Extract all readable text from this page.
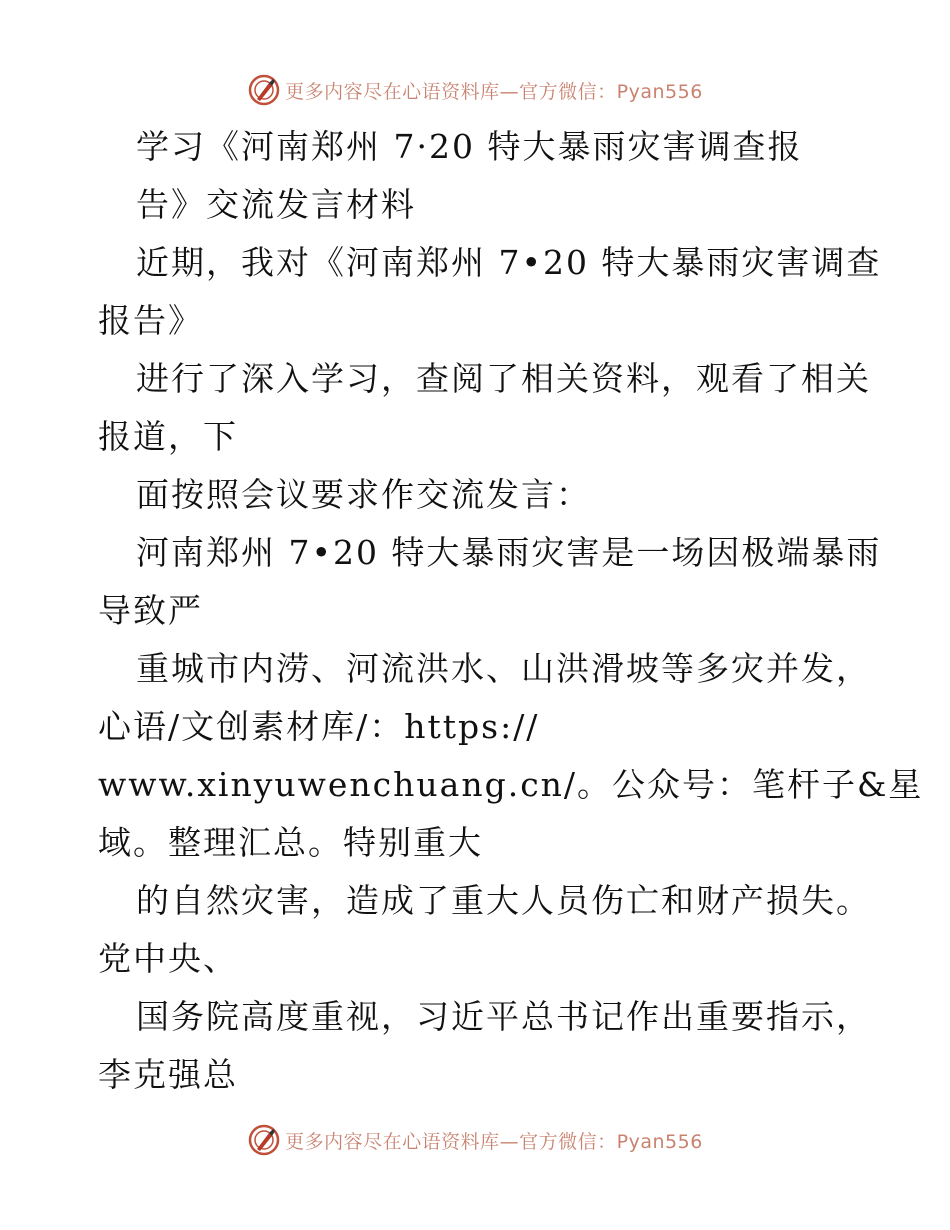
更多内容尽在心语资料库—官方微信：Pyan556
学习《河南郑州 7·20 特大暴雨灾害调查报
告》交流发言材料
近期，我对《河南郑州 7•20 特大暴雨灾害调查
报告》
进行了深入学习，查阅了相关资料，观看了相关
报道，下
面按照会议要求作交流发言：
河南郑州 7•20 特大暴雨灾害是一场因极端暴雨
导致严
重城市内涝、河流洪水、山洪滑坡等多灾并发，
心语/文创素材库/：https://
www.xinyuwenchuang.cn/。公众号：笔杆子&星
域。整理汇总。特别重大
的自然灾害，造成了重大人员伤亡和财产损失。
党中央、
国务院高度重视，习近平总书记作出重要指示，
李克强总
更多内容尽在心语资料库—官方微信：Pyan556
